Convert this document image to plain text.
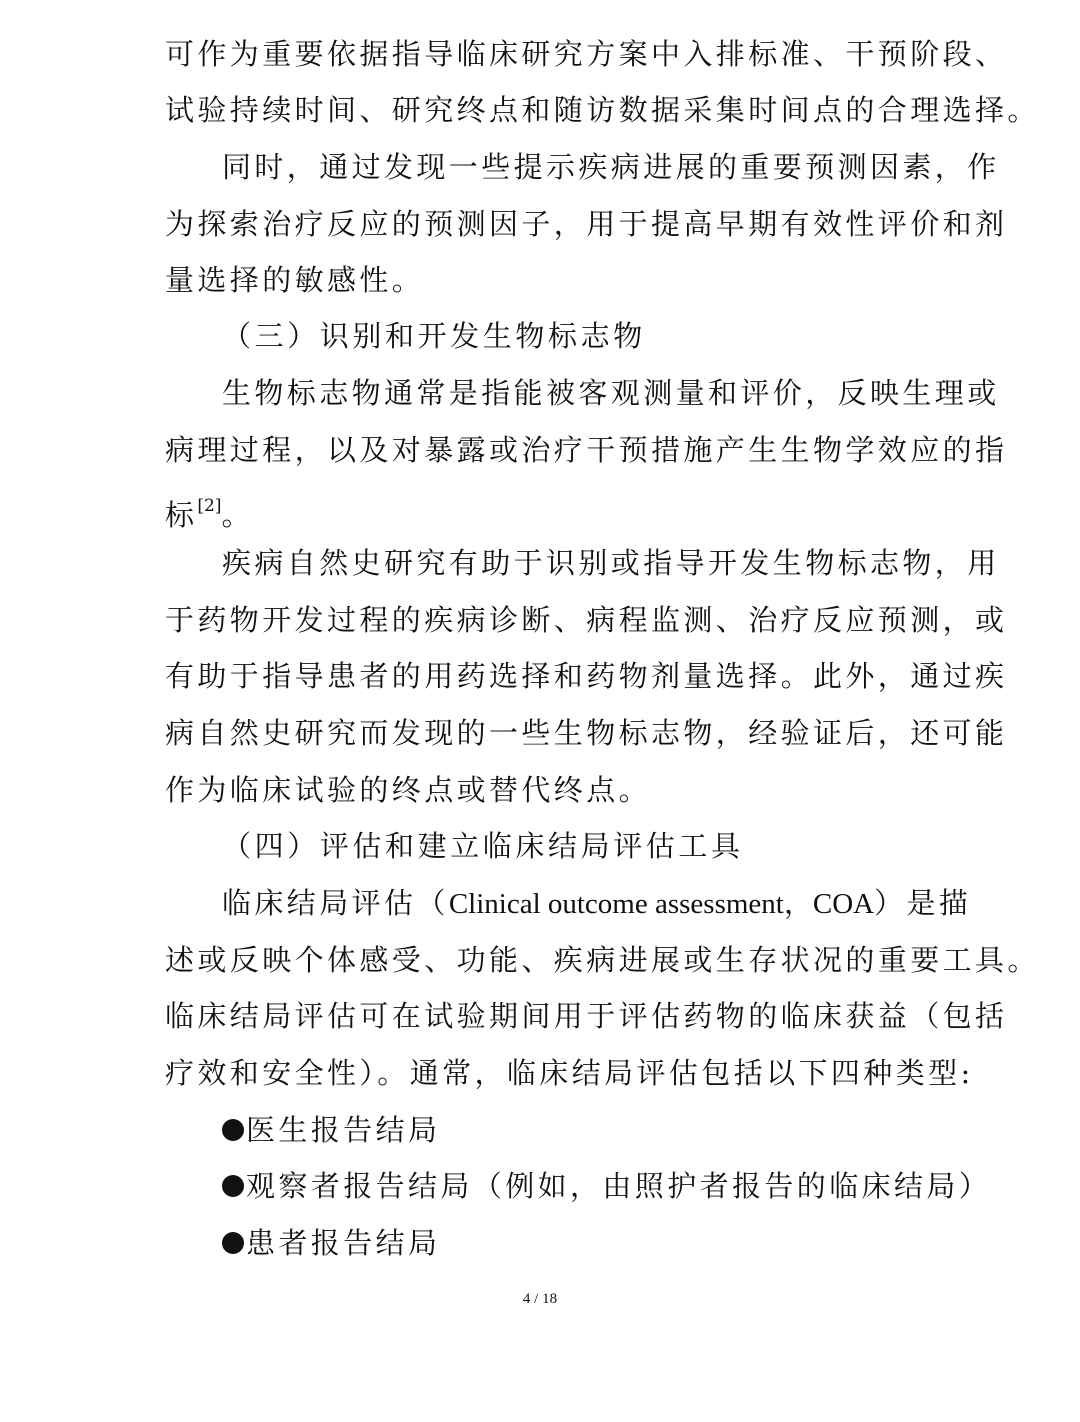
可作为重要依据指导临床研究方案中入排标准、干预阶段、
试验持续时间、研究终点和随访数据采集时间点的合理选择。
同时，通过发现一些提示疾病进展的重要预测因素，作
为探索治疗反应的预测因子，用于提高早期有效性评价和剂
量选择的敏感性。
（三）识别和开发生物标志物
生物标志物通常是指能被客观测量和评价，反映生理或
病理过程，以及对暴露或治疗干预措施产生生物学效应的指
标[2]。
疾病自然史研究有助于识别或指导开发生物标志物，用
于药物开发过程的疾病诊断、病程监测、治疗反应预测，或
有助于指导患者的用药选择和药物剂量选择。此外，通过疾
病自然史研究而发现的一些生物标志物，经验证后，还可能
作为临床试验的终点或替代终点。
（四）评估和建立临床结局评估工具
临床结局评估（Clinical outcome assessment，COA）是描
述或反映个体感受、功能、疾病进展或生存状况的重要工具。
临床结局评估可在试验期间用于评估药物的临床获益（包括
疗效和安全性）。通常，临床结局评估包括以下四种类型:
医生报告结局
观察者报告结局（例如，由照护者报告的临床结局）
患者报告结局
4 / 18
